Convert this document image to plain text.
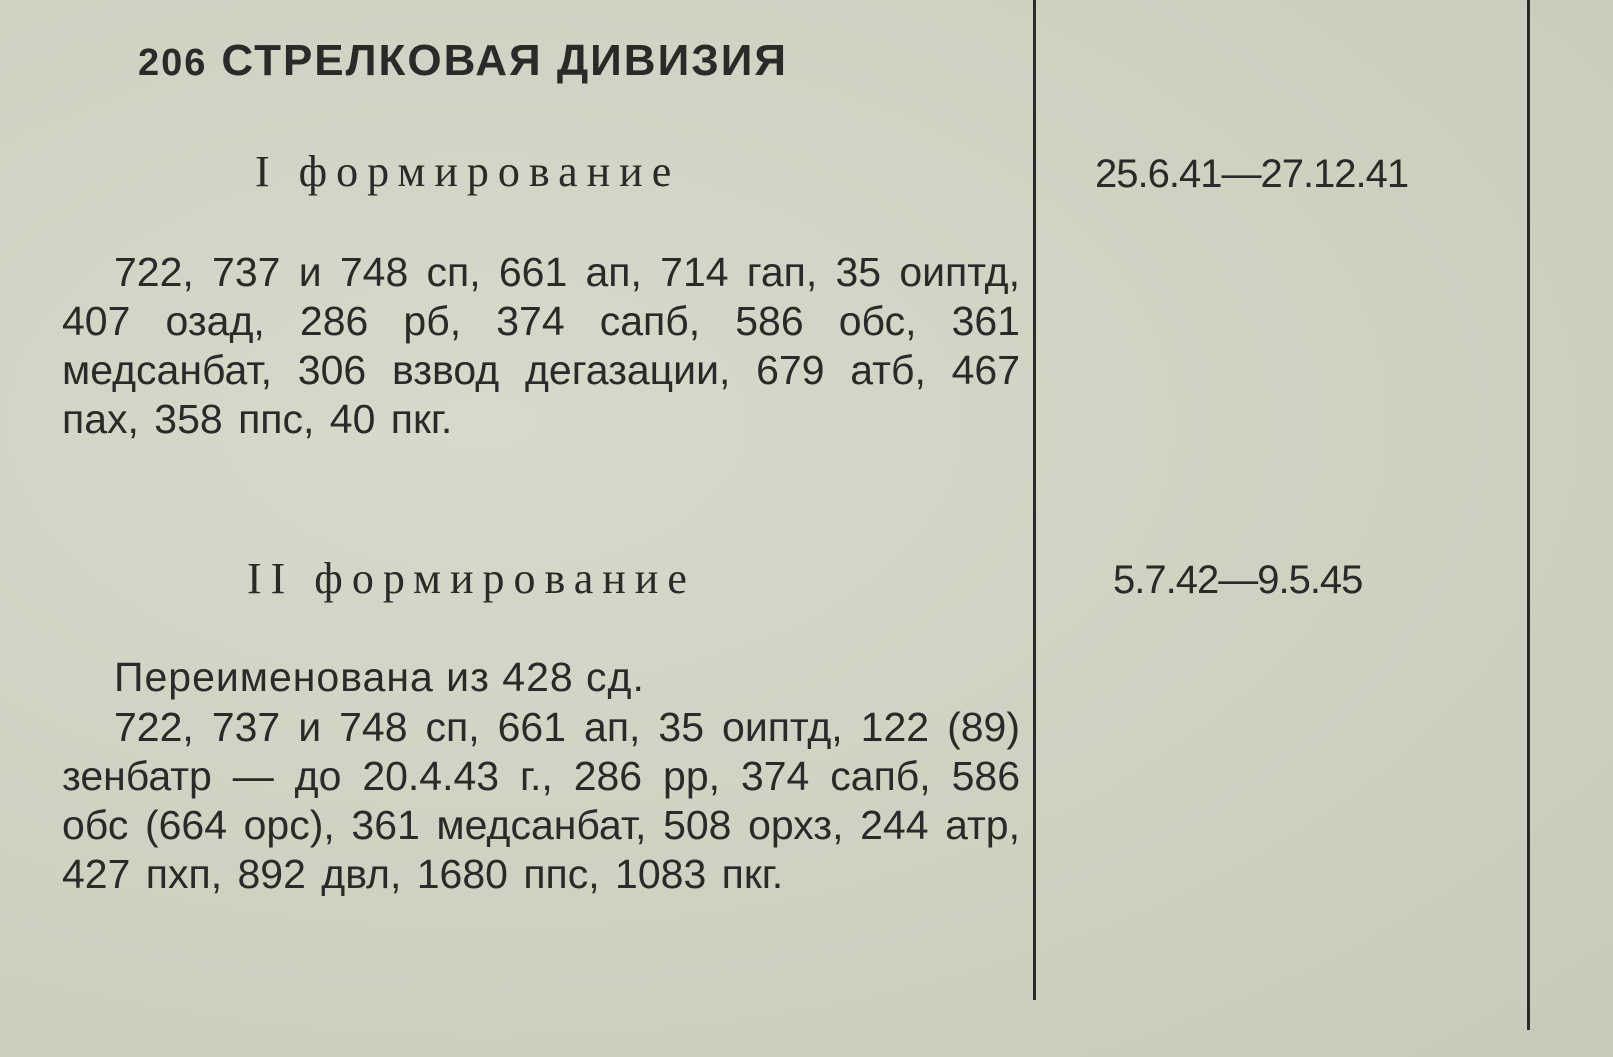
206 СТРЕЛКОВАЯ ДИВИЗИЯ
I формирование	25.6.41—27.12.41
722, 737 и 748 сп, 661 ап, 714 гап, 35 оиптд, 407 озад, 286 рб, 374 сапб, 586 обс, 361 медсанбат, 306 взвод дегазации, 679 атб, 467 пах, 358 ппс, 40 пкг.
II формирование	5.7.42—9.5.45
Переименована из 428 сд.
722, 737 и 748 сп, 661 ап, 35 оиптд, 122 (89) зенбатр — до 20.4.43 г., 286 рр, 374 сапб, 586 обс (664 орс), 361 медсанбат, 508 орхз, 244 атр, 427 пхп, 892 двл, 1680 ппс, 1083 пкг.
